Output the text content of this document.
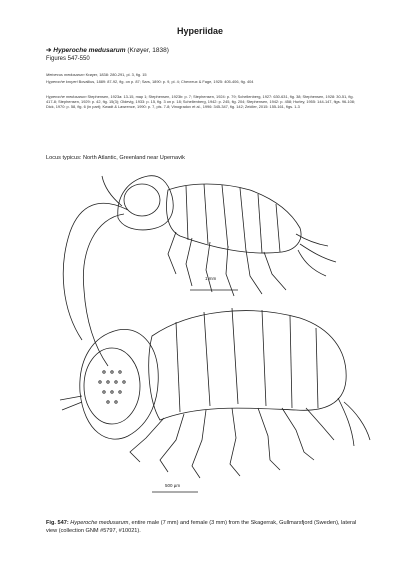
Hyperiidae
➔ Hyperoche medusarum (Krøyer, 1838)
Figures 547-550
Metoecus medusarum Krøyer, 1838: 280-291, pl. 3, fig. 15
Hyperoche kroyeri Bovallius, 1889: 87-92, fig. on p. 87; Sars, 1890: p. 9, pl. 4; Chevreux & Fage, 1925: 405-406, fig. 404
Hyperoche medusarum Stephensen, 1923a: 13-15, map 1; Stephensen, 1923b: p. 7; Stephensen, 1924: p. 79; Schellenberg, 1927: 630-631, fig. 38; Stephensen, 1928: 30-51, fig. 417-8; Stephensen, 1929: p. 42, fig. 15(3); Oldevig, 1933: p. 15, fig. 3 on p. 18; Schellenberg, 1942: p. 245, fig. 204; Stephensen, 1942: p. 458; Hurley, 1955: 144-147, figs. 96-108; Dick, 1970: p. 58, fig. 6 (in part); Kwadt & Lawrence, 1990: p. 7, pls. 7-8; Vinogradov et al., 1996: 345-347, fig. 142; Zeidler, 2015: 155-161, figs. 1-3
Locus typicus: North Atlantic, Greenland near Upernavik
1 mm
500 µm
Fig. 547: Hyperoche medusarum, entire male (7 mm) and female (3 mm) from the Skagerrak, Gullmarsfjord (Sweden), lateral view (collection GNM #5797, #10021).
